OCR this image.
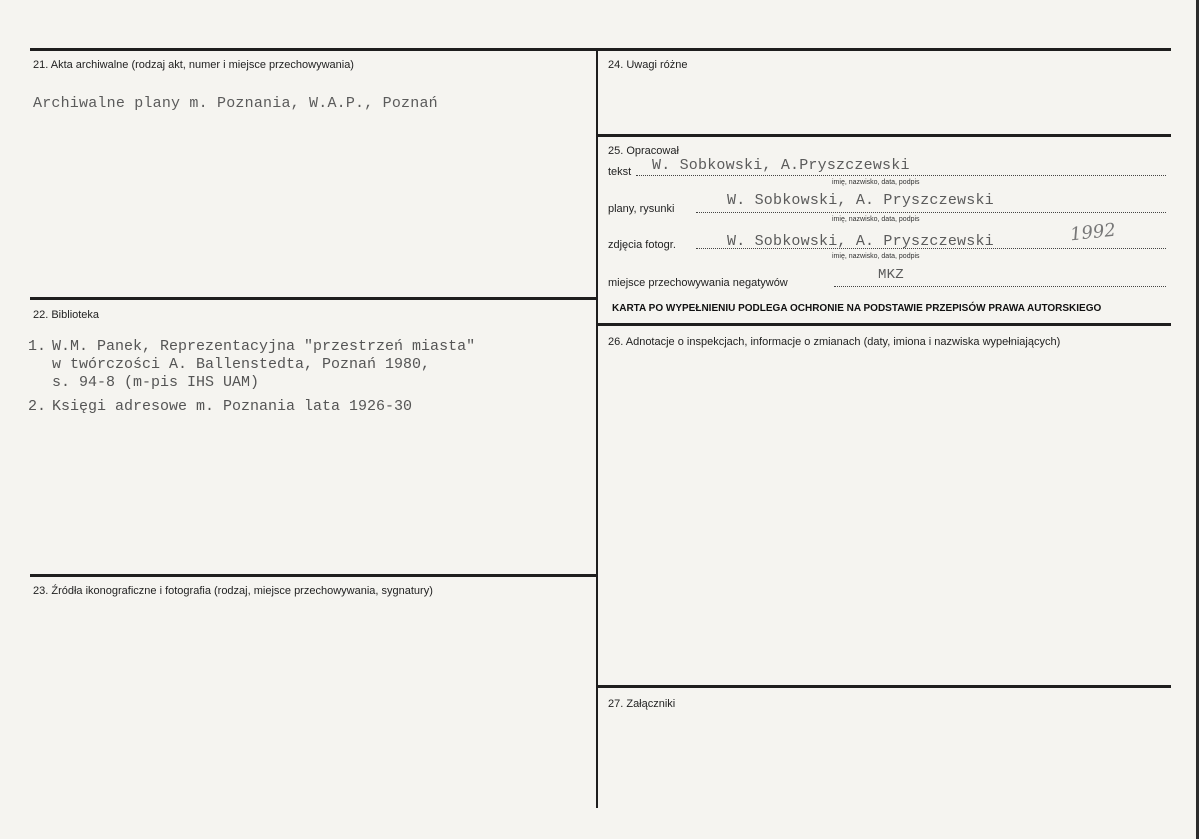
21. Akta archiwalne (rodzaj akt, numer i miejsce przechowywania)
Archiwalne plany m. Poznania, W.A.P., Poznań
22. Biblioteka
1. W.M. Panek, Reprezentacyjna "przestrzeń miasta"
w twórczości A. Ballenstedta, Poznań 1980,
s. 94-8 (m-pis IHS UAM)
2. Księgi adresowe m. Poznania lata 1926-30
23. Źródła ikonograficzne i fotografia (rodzaj, miejsce przechowywania, sygnatury)
24. Uwagi różne
25. Opracował
tekst W. Sobkowski, A.Pryszczewski
imię, nazwisko, data, podpis
plany, rysunki	W. Sobkowski, A. Pryszczewski
imię, nazwisko, data, podpis
zdjęcia fotogr.	W. Sobkowski, A. Pryszczewski
imię, nazwisko, data, podpis
1992
miejsce przechowywania negatywów	MKZ
KARTA PO WYPEŁNIENIU PODLEGA OCHRONIE NA PODSTAWIE PRZEPISÓW PRAWA AUTORSKIEGO
26. Adnotacje o inspekcjach, informacje o zmianach (daty, imiona i nazwiska wypełniających)
27. Załączniki
